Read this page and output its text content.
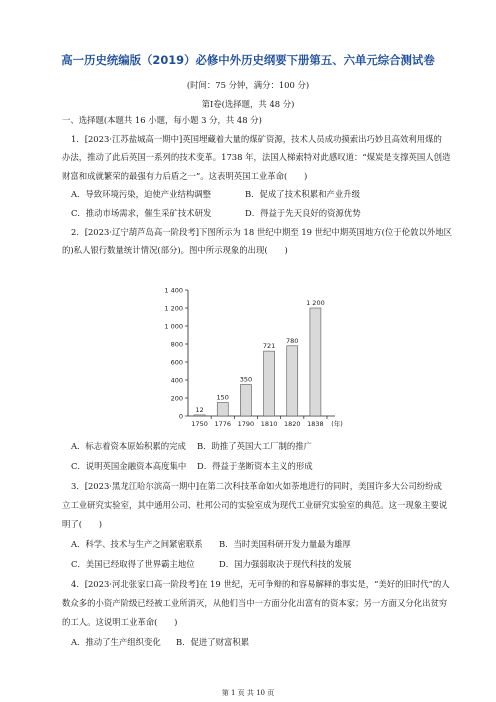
高一历史统编版（2019）必修中外历史纲要下册第五、六单元综合测试卷
(时间：75 分钟，满分：100 分)
第Ⅰ卷(选择题，共 48 分)
一、选择题(本题共 16 小题，每小题 3 分，共 48 分)
1．[2023·江苏盐城高一期中]英国埋藏着大量的煤矿资源，技术人员成功摸索出巧妙且高效利用煤的
办法，推动了此后英国一系列的技术变革。1738 年，法国人梯索特对此感叹道：“煤炭是支撑英国人创造
财富和成就繁荣的最强有力后盾之一”。这表明英国工业革命(　　)
A．导致环境污染，迫使产业结构调整	B．促成了技术积累和产业升级
C．推动市场需求，催生采矿技术研发	D．得益于先天良好的资源优势
2．[2023·辽宁葫芦岛高一阶段考]下图所示为 18 世纪中期至 19 世纪中期英国地方(位于伦敦以外地区
的)私人银行数量统计情况(部分)。图中所示现象的出现(　　)
0
200
400
600
800
1 000
1 200
1 400
1750 1776 1790 1810 1820 1838 (年)
12
150
350
721
780
1 200
A．标志着资本原始积累的完成 B．助推了英国大工厂制的推广
C．说明英国金融资本高度集中 D．得益于垄断资本主义的形成
3．[2023·黑龙江哈尔滨高一期中]在第二次科技革命如火如荼地进行的同时，美国许多大公司纷纷成
立工业研究实验室，其中通用公司、杜邦公司的实验室成为现代工业研究实验室的典范。这一现象主要说
明了(　　)
A．科学、技术与生产之间紧密联系 B．当时美国科研开发力量最为雄厚
C．美国已经取得了世界霸主地位	D．国力强弱取决于现代科技的发展
4．[2023·河北张家口高一阶段考]在 19 世纪，无可争辩的和容易解释的事实是，“美好的旧时代”的人
数众多的小资产阶级已经被工业所消灭，从他们当中一方面分化出富有的资本家；另一方面又分化出贫穷
的工人。这说明工业革命(　　)
A．推动了生产组织变化 B．促进了财富积累
第 1 页 共 10 页
